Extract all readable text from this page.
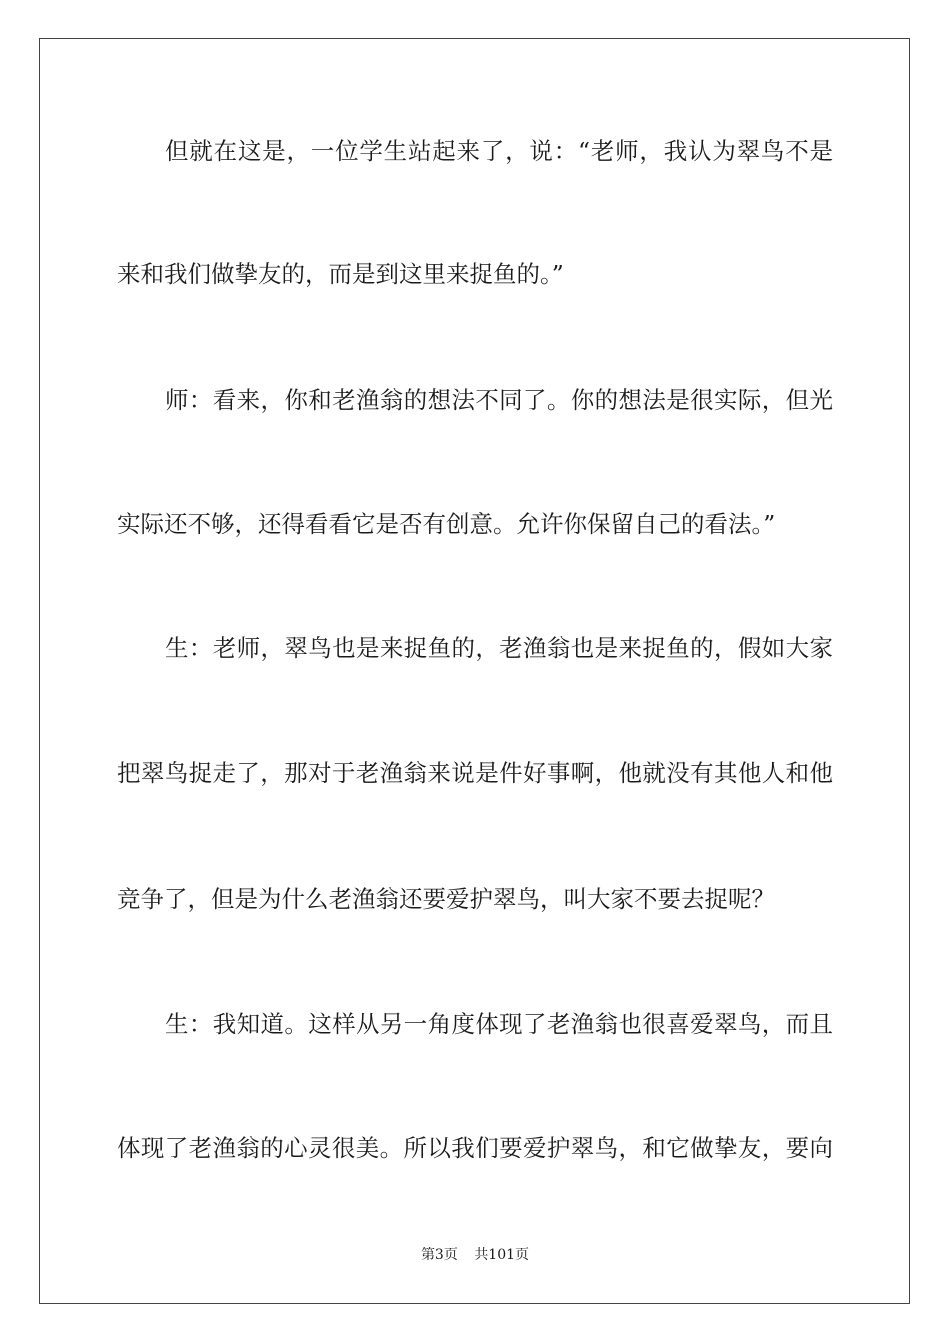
但就在这是，一位学生站起来了，说：“老师，我认为翠鸟不是
来和我们做挚友的，而是到这里来捉鱼的。”
师：看来，你和老渔翁的想法不同了。你的想法是很实际，但光
实际还不够，还得看看它是否有创意。允许你保留自己的看法。”
生：老师，翠鸟也是来捉鱼的，老渔翁也是来捉鱼的，假如大家
把翠鸟捉走了，那对于老渔翁来说是件好事啊，他就没有其他人和他
竞争了，但是为什么老渔翁还要爱护翠鸟，叫大家不要去捉呢？
生：我知道。这样从另一角度体现了老渔翁也很喜爱翠鸟，而且
体现了老渔翁的心灵很美。所以我们要爱护翠鸟，和它做挚友，要向
第3页 共101页
